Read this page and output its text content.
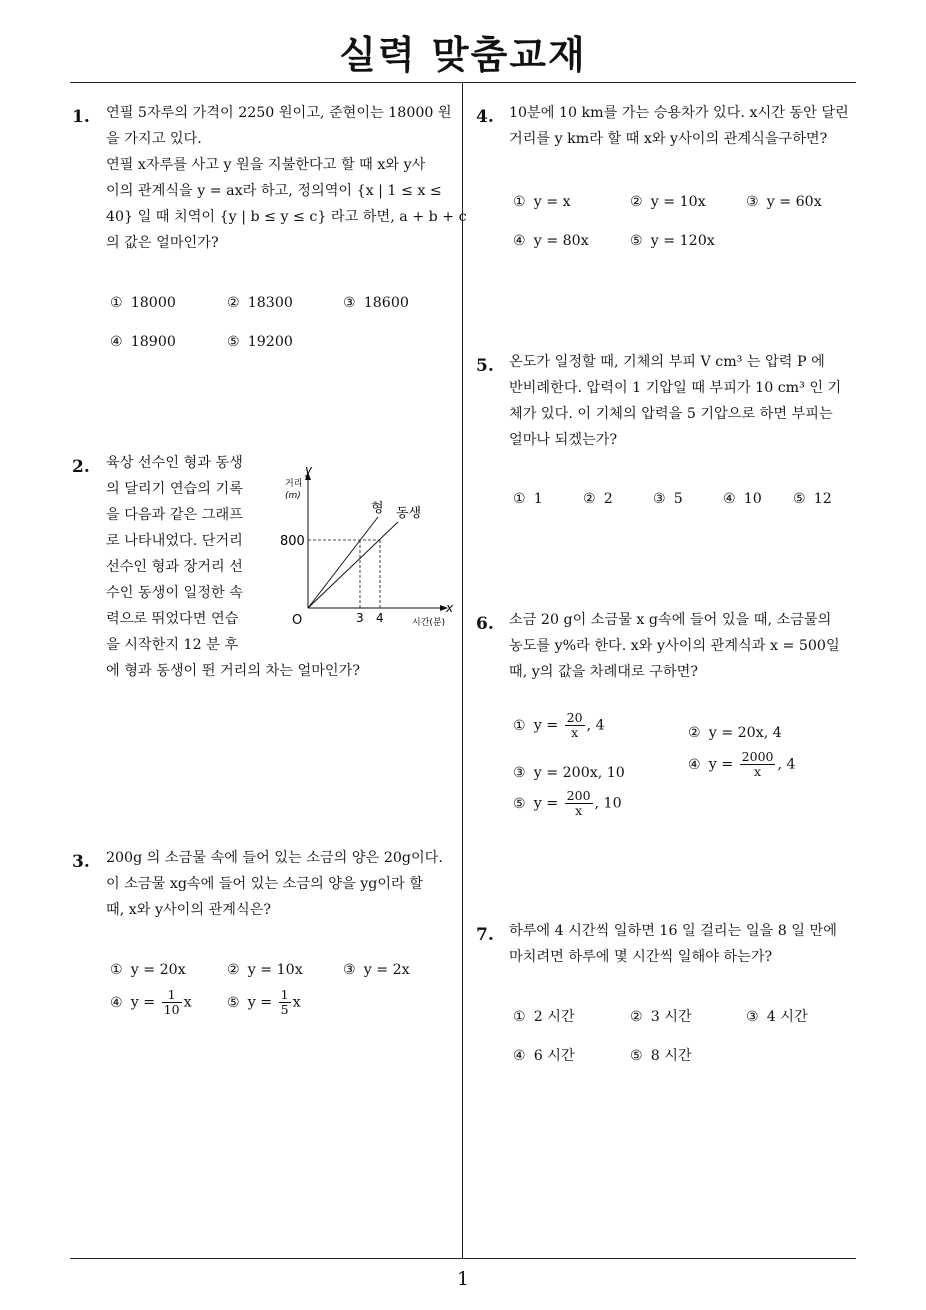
실력 맞춤교재
1
1. 연필 5자루의 가격이 2250 원이고, 준현이는 18000 원
을 가지고 있다.
연필 x자루를 사고 y 원을 지불한다고 할 때 x와 y사
이의 관계식을 y = ax라 하고, 정의역이 {x | 1 ≤ x ≤
40} 일 때 치역이 {y | b ≤ y ≤ c} 라고 하면, a + b + c
의 값은 얼마인가?
① 18000	② 18300	③ 18600
④ 18900	⑤ 19200
2. 육상 선수인 형과 동생
의 달리기 연습의 기록
을 다음과 같은 그래프
로 나타내었다. 단거리
선수인 형과 장거리 선
수인 동생이 일정한 속
력으로 뛰었다면 연습
을 시작한지 12 분 후
에 형과 동생이 뛴 거리의 차는 얼마인가?
y
거리
(m)
x
시간(분)
O
800
3 4
형 동생
3. 200g 의 소금물 속에 들어 있는 소금의 양은 20g이다.
이 소금물 xg속에 들어 있는 소금의 양을 yg이라 할
때, x와 y사이의 관계식은?
① y = 20x	② y = 10x	③ y = 2x
④ $y = \frac{1}{10}$ x ⑤ $y = \frac{1}{5}$ x
4. 10분에 10 km를 가는 승용차가 있다. x시간 동안 달린
거리를 y km라 할 때 x와 y사이의 관계식을구하면?
① y = x	② y = 10x	③ y = 60x
④ y = 80x	⑤ y = 120x
5. 온도가 일정할 때, 기체의 부피 V cm³ 는 압력 P 에
반비례한다. 압력이 1 기압일 때 부피가 10 cm³ 인 기
체가 있다. 이 기체의 압력을 5 기압으로 하면 부피는
얼마나 되겠는가?
① 1	② 2	③ 5	④ 10 ⑤ 12
6. 소금 20 g이 소금물 x g속에 들어 있을 때, 소금물의
농도를 y%라 한다. x와 y사이의 관계식과 x = 500일
때, y의 값을 차례대로 구하면?
① $y = \frac{20}{x}$ , 4	② y = 20x, 4
③ y = 200x, 10
④ $y = \frac{2000}{x}$ , 4
⑤ $y = \frac{200}{x}$ , 10
7. 하루에 4 시간씩 일하면 16 일 걸리는 일을 8 일 만에
마치려면 하루에 몇 시간씩 일해야 하는가?
① 2 시간	② 3 시간	③ 4 시간
④ 6 시간	⑤ 8 시간
